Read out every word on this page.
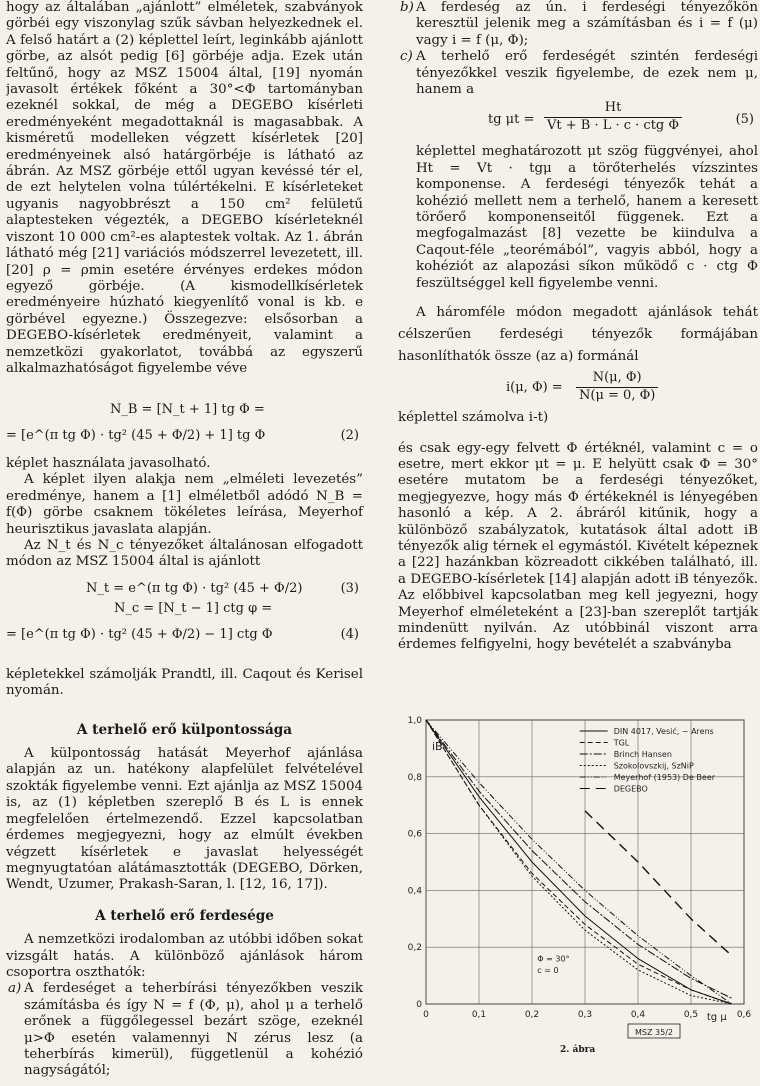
hogy az általában „ajánlott” elméletek, szabványok görbéi egy viszonylag szűk sávban helyezkednek el. A felső határt a (2) képlettel leírt, leginkább ajánlott görbe, az alsót pedig [6] görbéje adja. Ezek után feltűnő, hogy az MSZ 15004 által, [19] nyomán javasolt értékek főként a 30°<Φ tartományban ezeknél sokkal, de még a DEGEBO kísérleti eredményeként megadottaknál is magasabbak. A kisméretű modelleken végzett kísérletek [20] eredményeinek alsó határgörbéje is látható az ábrán. Az MSZ görbéje ettől ugyan kevéssé tér el, de ezt helytelen volna túlértékelni. E kísérleteket ugyanis nagyobbrészt a 150 cm² felületű alaptesteken végezték, a DEGEBO kísérleteknél viszont 10 000 cm²-es alaptestek voltak. Az 1. ábrán látható még [21] variációs módszerrel levezetett, ill. [20] ρ = ρmin esetére érvényes erdekes módon egyező görbéje. (A kismodellkísérletek eredményeire húzható kiegyenlítő vonal is kb. e görbével egyezne.) Összegezve: elsősorban a DEGEBO-kísérletek eredményeit, valamint a nemzetközi gyakorlatot, továbbá az egyszerű alkalmazhatóságot figyelembe véve

N_B = [N_t + 1] tg Φ =
= [e^(π tg Φ) · tg² (45 + Φ/2) + 1] tg Φ	(2)

képlet használata javasolható.

A képlet ilyen alakja nem „elméleti levezetés” eredménye, hanem a [1] elméletből adódó N_B = f(Φ) görbe csaknem tökéletes leírása, Meyerhof heurisztikus javaslata alapján.

Az N_t és N_c tényezőket általánosan elfogadott módon az MSZ 15004 által is ajánlott

N_t = e^(π tg Φ) · tg² (45 + Φ/2)	(3)
N_c = [N_t − 1] ctg φ =
= [e^(π tg Φ) · tg² (45 + Φ/2) − 1] ctg Φ	(4)

képletekkel számolják Prandtl, ill. Caqout és Kerisel nyomán.

A terhelő erő külpontossága

A külpontosság hatását Meyerhof ajánlása alapján az un. hatékony alapfelület felvételével szokták figyelembe venni. Ezt ajánlja az MSZ 15004 is, az (1) képletben szereplő B és L is ennek megfelelően értelmezendő. Ezzel kapcsolatban érdemes megjegyezni, hogy az elmúlt években végzett kísérletek e javaslat helyességét megnyugtatóan alátámasztották (DEGEBO, Dörken, Wendt, Uzumer, Prakash-Saran, l. [12, 16, 17]).

A terhelő erő ferdesége

A nemzetközi irodalomban az utóbbi időben sokat vizsgált hatás. A különböző ajánlások három csoportra oszthatók:

a) A ferdeséget a teherbírási tényezőkben veszik számításba és így N = f (Φ, μ), ahol μ a terhelő erőnek a függőlegessel bezárt szöge, ezeknél μ>Φ esetén valamennyi N zérus lesz (a teherbírás kimerül), függetlenül a kohézió nagyságától;

b) A ferdeség az ún. i ferdeségi tényezőkön keresztül jelenik meg a számításban és i = f (μ) vagy i = f (μ, Φ);

c) A terhelő erő ferdeségét szintén ferdeségi tényezőkkel veszik figyelembe, de ezek nem μ, hanem a

tg μt =
Ht
Vt + B · L · c · ctg Φ	(5)

képlettel meghatározott μt szög függvényei, ahol Ht = Vt · tgμ a törőterhelés vízszintes komponense. A ferdeségi tényezők tehát a kohézió mellett nem a terhelő, hanem a keresett törőerő komponenseitől függenek. Ezt a megfogalmazást [8] vezette be kiindulva a Caqout-féle „teorémából”, vagyis abból, hogy a kohéziót az alapozási síkon működő c · ctg Φ feszültséggel kell figyelembe venni.

A háromféle módon megadott ajánlások tehát célszerűen ferdeségi tényezők formájában hasonlíthatók össze (az a) formánál

i(μ, $\Phi) = \frac{N(\mu, \Phi)}{N(\mu = 0, \Phi)}$

képlettel számolva i-t)

és csak egy-egy felvett Φ értéknél, valamint c = o esetre, mert ekkor μt = μ. E helyütt csak Φ = 30° esetére mutatom be a ferdeségi tényezőket, megjegyezve, hogy más Φ értékeknél is lényegében hasonló a kép. A 2. ábráról kitűnik, hogy a különböző szabályzatok, kutatások által adott iB tényezők alig térnek el egymástól. Kivételt képeznek a [22] hazánkban közreadott cikkében található, ill. a DEGEBO-kísérletek [14] alapján adott iB tényezők. Az előbbivel kapcsolatban meg kell jegyezni, hogy Meyerhof elméleteként a [23]-ban szereplőt tartják mindenütt nyilván. Az utóbbinál viszont arra érdemes felfigyelni, hogy bevételét a szabványba

0
0,2
0,4
0,6
0,8
1,0
0	0,1	0,2	0,3	0,4	0,5	0,6
iB
tg μ
DIN 4017, Vesić, ~ Arens
TGL
Brinch Hansen
Szokolovszkij, SzNiP
Meyerhof (1953) De Beer
DEGEBO
Φ = 30°
c = 0
MSZ 35/2
2. ábra
